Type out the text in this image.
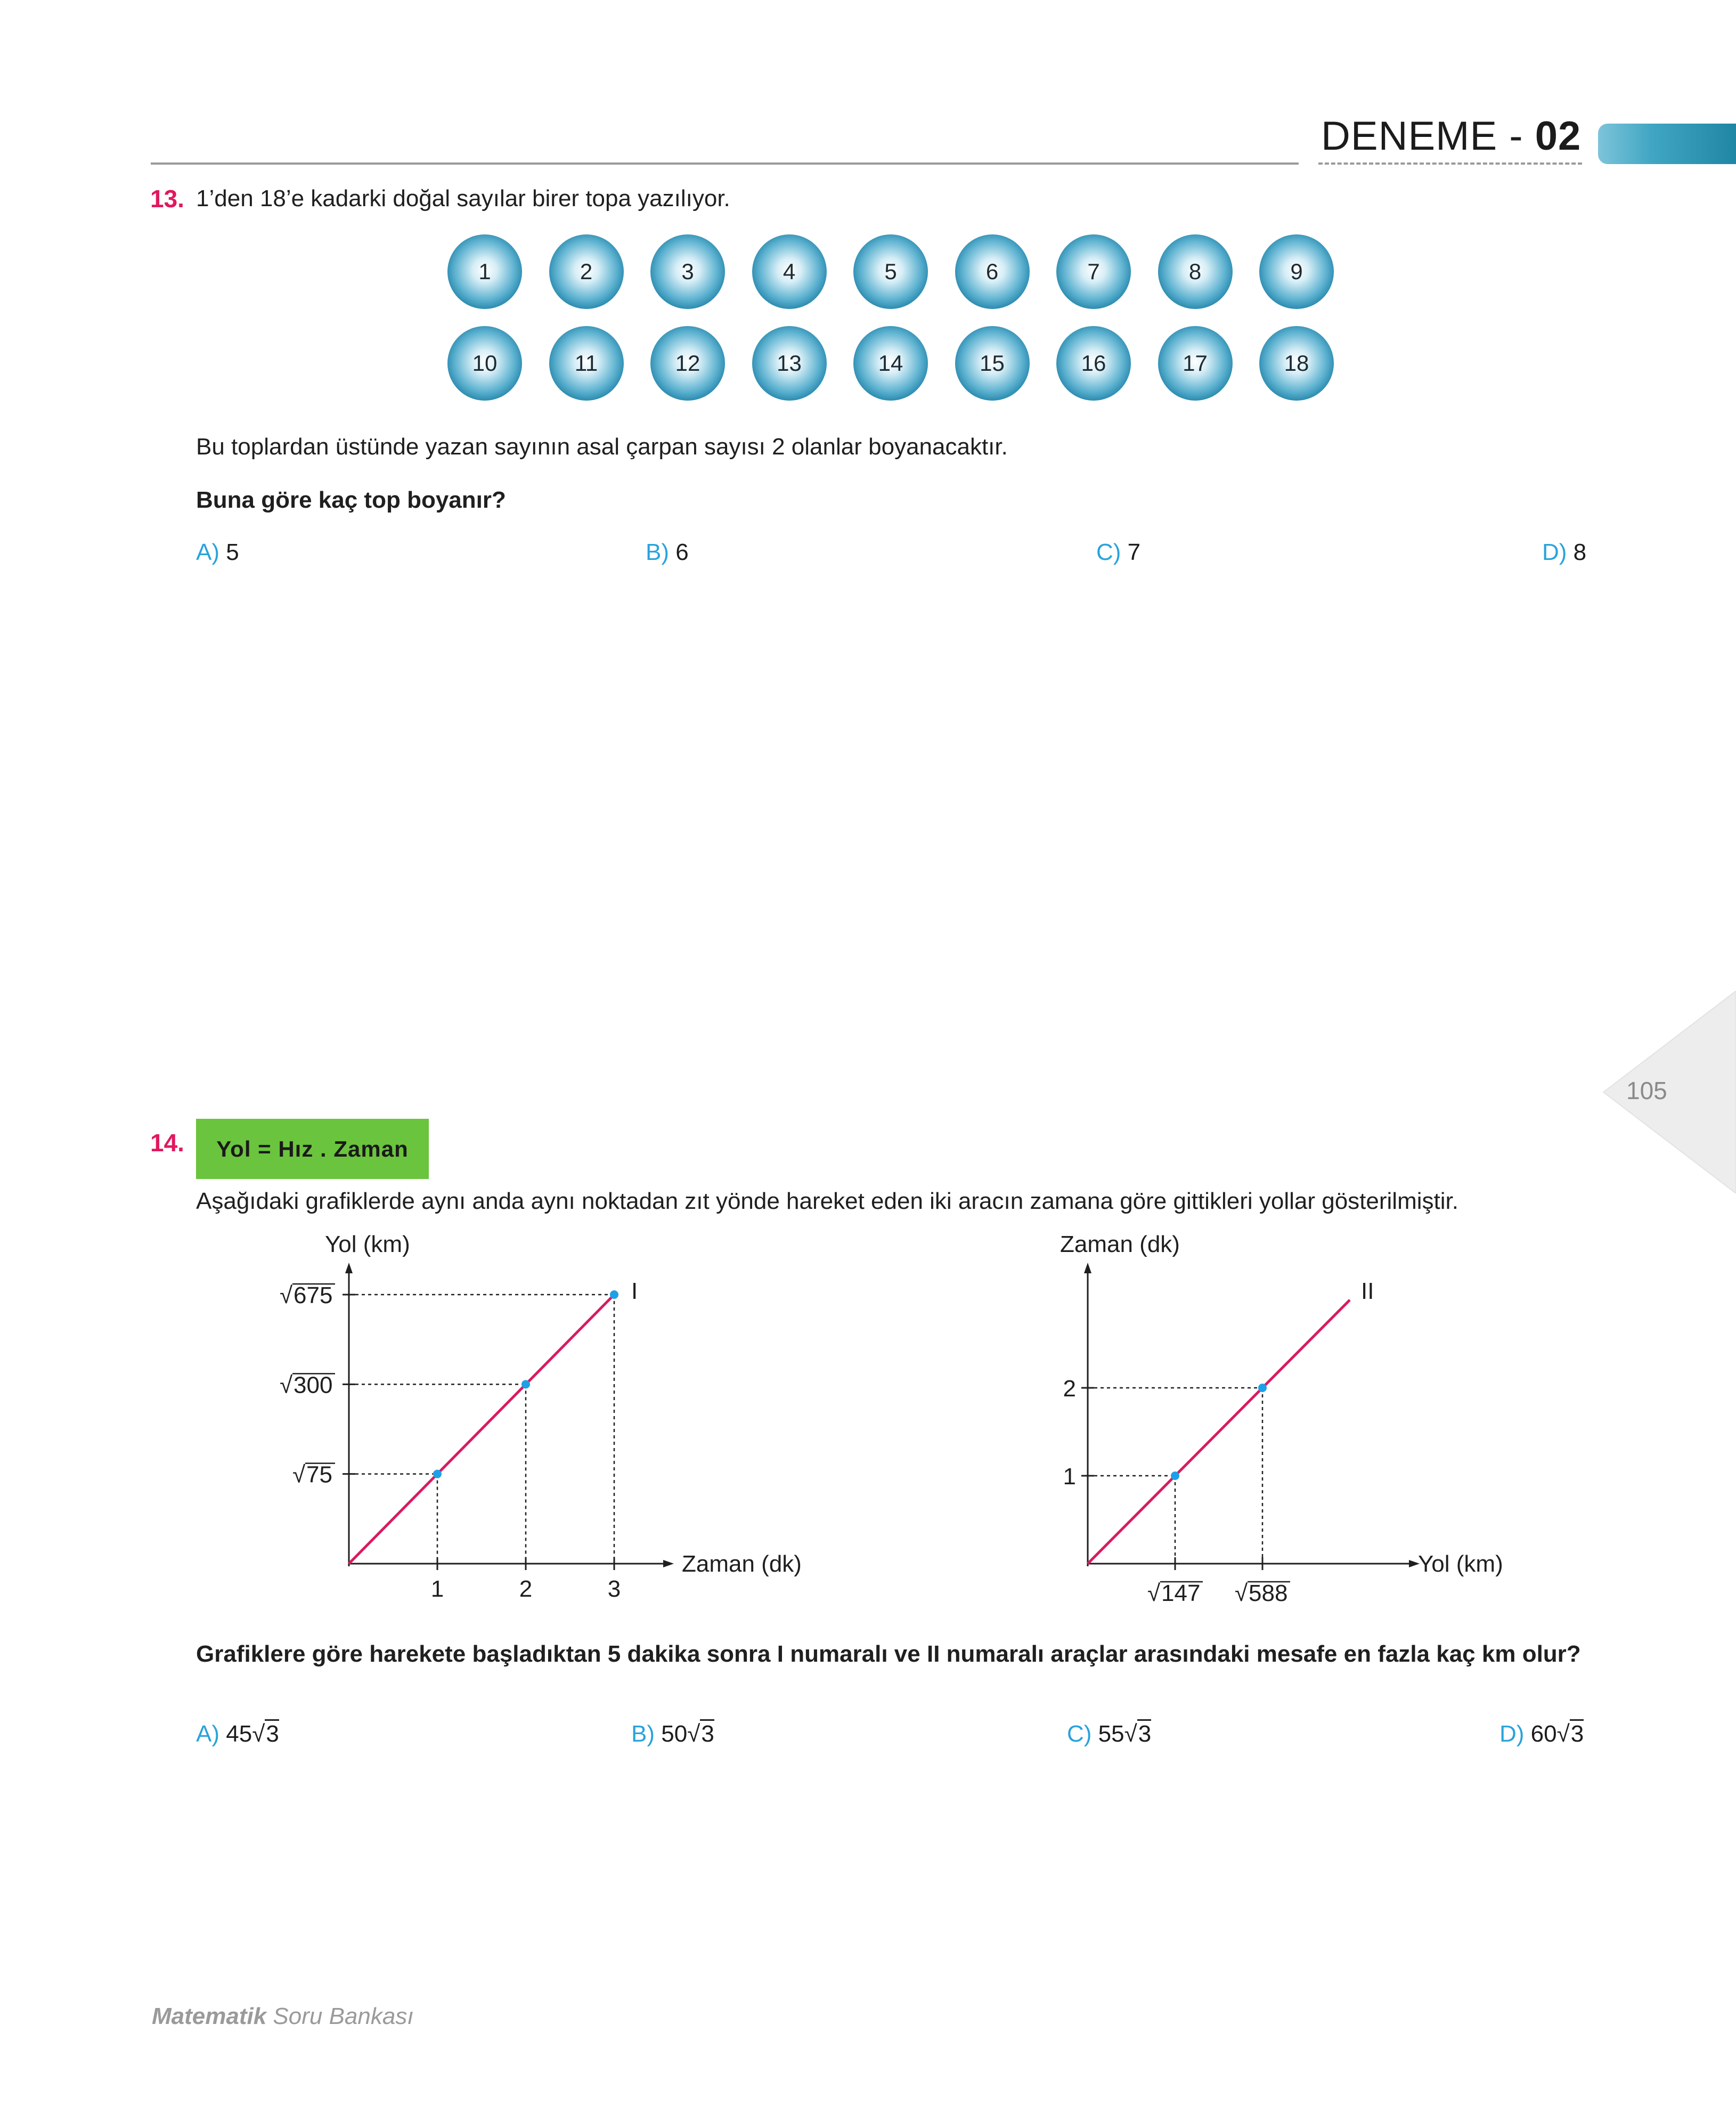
DENEME - 02
105
13. 1’den 18’e kadarki doğal sayılar birer topa yazılıyor.
1	2	3	4	5	6	7	8	9
10	11	12	13	14	15	16	17	18
Bu toplardan üstünde yazan sayının asal çarpan sayısı 2 olanlar boyanacaktır.
Buna göre kaç top boyanır?
A) 5	B) 6	C) 7	D) 8
14. Yol = Hız . Zaman
Aşağıdaki grafiklerde aynı anda aynı noktadan zıt yönde hareket eden iki aracın zamana göre gittikleri yollar gösterilmiştir.
Yol (km)
Zaman (dk)
√ 75
√ 300
√ 675
1	2	3
I
Zaman (dk)
Yol (km)
√ 147 √ 588
1
2
II
Grafiklere göre harekete başladıktan 5 dakika sonra I numaralı ve II numaralı araçlar arasındaki mesafe en fazla kaç km olur?
A) 45√3	B) 50√3	C) 55√3	D) 60√3
Matematik Soru Bankası
